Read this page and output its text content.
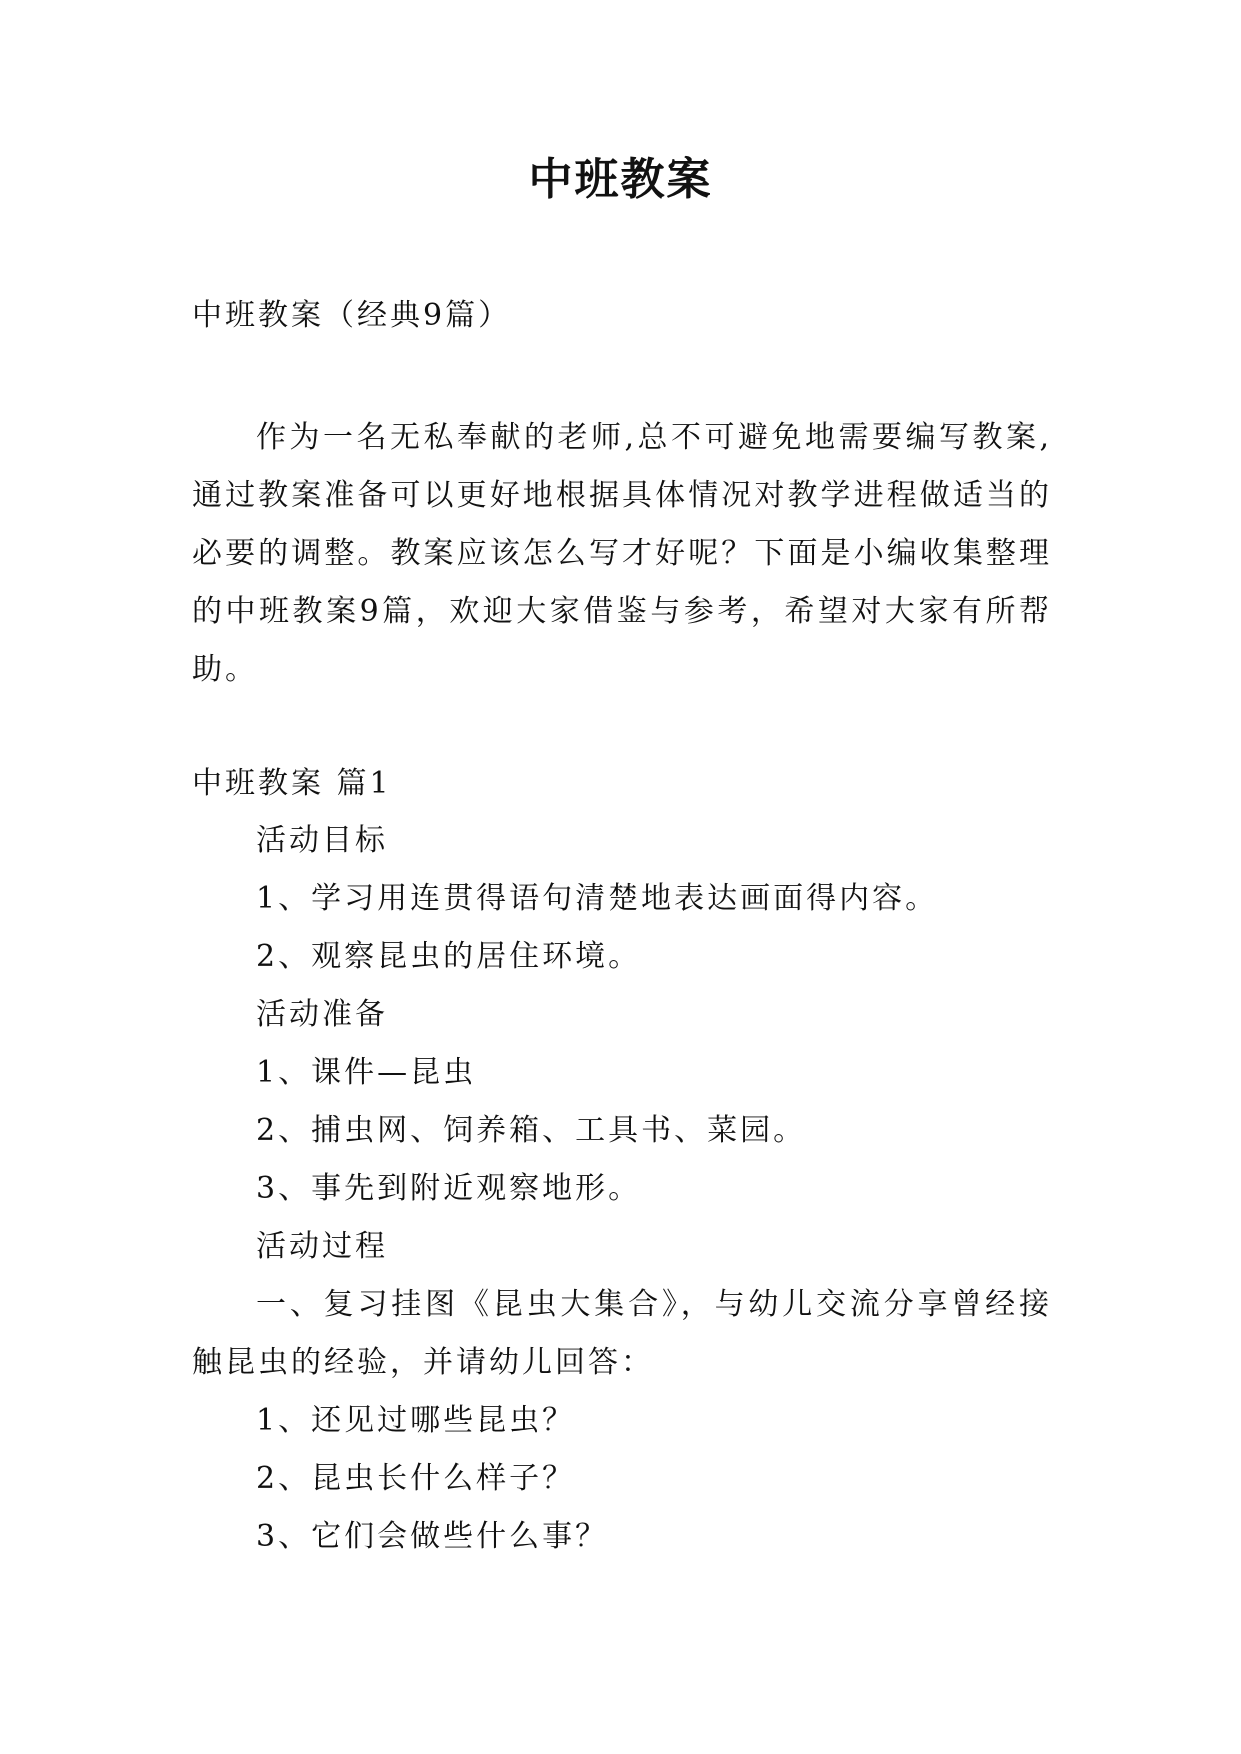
中班教案
中班教案（经典9篇）

作为一名无私奉献的老师,总不可避免地需要编写教案,通过教案准备可以更好地根据具体情况对教学进程做适当的必要的调整。教案应该怎么写才好呢？下面是小编收集整理的中班教案9篇，欢迎大家借鉴与参考，希望对大家有所帮助。

中班教案 篇1
活动目标
1、学习用连贯得语句清楚地表达画面得内容。
2、观察昆虫的居住环境。
活动准备
1、课件—昆虫
2、捕虫网、饲养箱、工具书、菜园。
3、事先到附近观察地形。
活动过程
一、复习挂图《昆虫大集合》，与幼儿交流分享曾经接触昆虫的经验，并请幼儿回答：
1、还见过哪些昆虫？
2、昆虫长什么样子？
3、它们会做些什么事？
